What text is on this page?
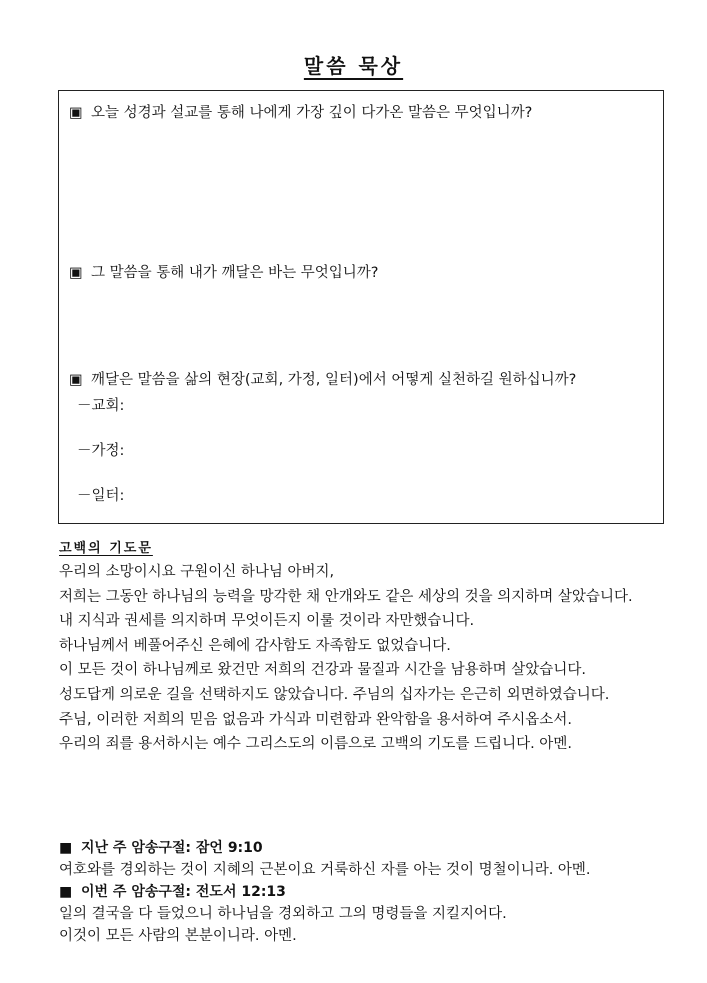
말씀 묵상
▣ 오늘 성경과 설교를 통해 나에게 가장 깊이 다가온 말씀은 무엇입니까?
▣ 그 말씀을 통해 내가 깨달은 바는 무엇입니까?
▣ 깨달은 말씀을 삶의 현장(교회, 가정, 일터)에서 어떻게 실천하길 원하십니까?
－교회:
－가정:
－일터:
고백의 기도문
우리의 소망이시요 구원이신 하나님 아버지,
저희는 그동안 하나님의 능력을 망각한 채 안개와도 같은 세상의 것을 의지하며 살았습니다.
내 지식과 권세를 의지하며 무엇이든지 이룰 것이라 자만했습니다.
하나님께서 베풀어주신 은혜에 감사함도 자족함도 없었습니다.
이 모든 것이 하나님께로 왔건만 저희의 건강과 물질과 시간을 남용하며 살았습니다.
성도답게 의로운 길을 선택하지도 않았습니다. 주님의 십자가는 은근히 외면하였습니다.
주님, 이러한 저희의 믿음 없음과 가식과 미련함과 완악함을 용서하여 주시옵소서.
우리의 죄를 용서하시는 예수 그리스도의 이름으로 고백의 기도를 드립니다. 아멘.
■ 지난 주 암송구절: 잠언 9:10
여호와를 경외하는 것이 지혜의 근본이요 거룩하신 자를 아는 것이 명철이니라. 아멘.
■ 이번 주 암송구절: 전도서 12:13
일의 결국을 다 들었으니 하나님을 경외하고 그의 명령들을 지킬지어다.
이것이 모든 사람의 본분이니라. 아멘.
